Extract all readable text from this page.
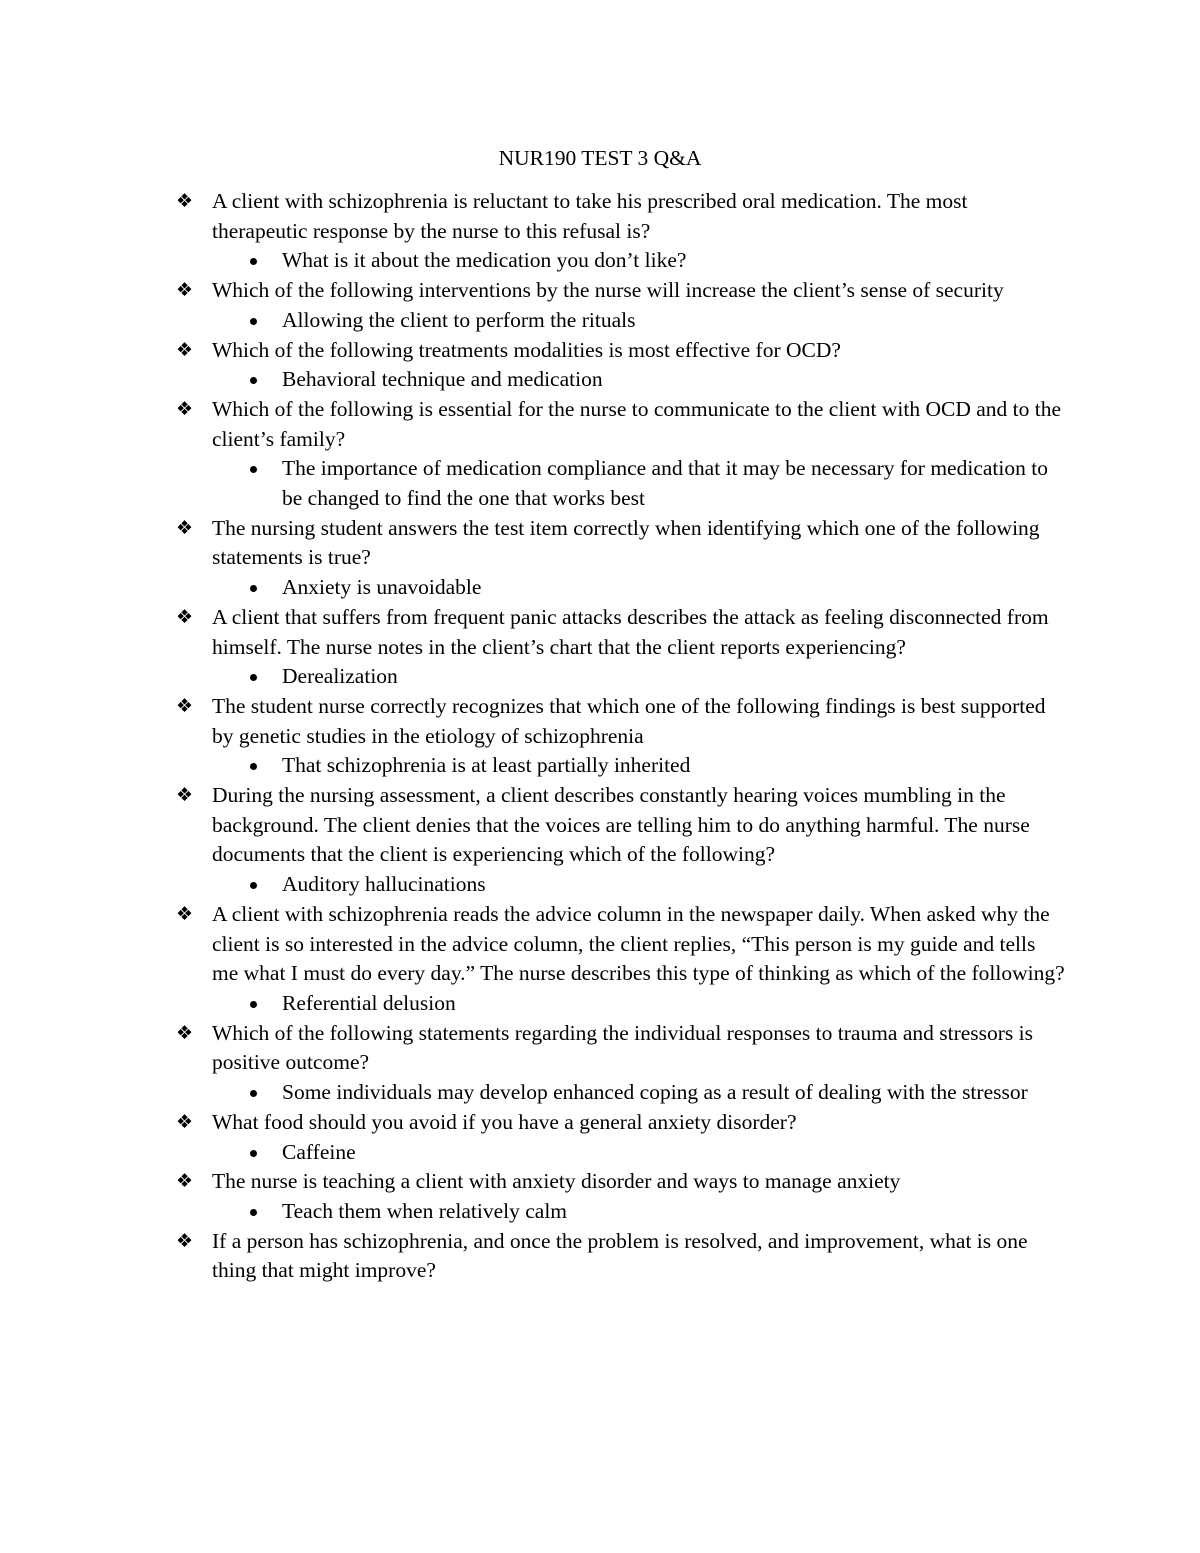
NUR190 TEST 3 Q&A

❖ A client with schizophrenia is reluctant to take his prescribed oral medication. The most therapeutic response by the nurse to this refusal is?

What is it about the medication you don’t like?

❖ Which of the following interventions by the nurse will increase the client’s sense of security

Allowing the client to perform the rituals

❖ Which of the following treatments modalities is most effective for OCD?

Behavioral technique and medication

❖ Which of the following is essential for the nurse to communicate to the client with OCD and to the client’s family?

The importance of medication compliance and that it may be necessary for medication to be changed to find the one that works best

❖ The nursing student answers the test item correctly when identifying which one of the following statements is true?

Anxiety is unavoidable

❖ A client that suffers from frequent panic attacks describes the attack as feeling disconnected from himself. The nurse notes in the client’s chart that the client reports experiencing?

Derealization

❖ The student nurse correctly recognizes that which one of the following findings is best supported by genetic studies in the etiology of schizophrenia

That schizophrenia is at least partially inherited

❖ During the nursing assessment, a client describes constantly hearing voices mumbling in the background. The client denies that the voices are telling him to do anything harmful. The nurse documents that the client is experiencing which of the following?

Auditory hallucinations

❖ A client with schizophrenia reads the advice column in the newspaper daily. When asked why the client is so interested in the advice column, the client replies, “This person is my guide and tells me what I must do every day.” The nurse describes this type of thinking as which of the following?

Referential delusion

❖ Which of the following statements regarding the individual responses to trauma and stressors is positive outcome?

Some individuals may develop enhanced coping as a result of dealing with the stressor

❖ What food should you avoid if you have a general anxiety disorder?

Caffeine

❖ The nurse is teaching a client with anxiety disorder and ways to manage anxiety

Teach them when relatively calm

❖ If a person has schizophrenia, and once the problem is resolved, and improvement, what is one thing that might improve?
